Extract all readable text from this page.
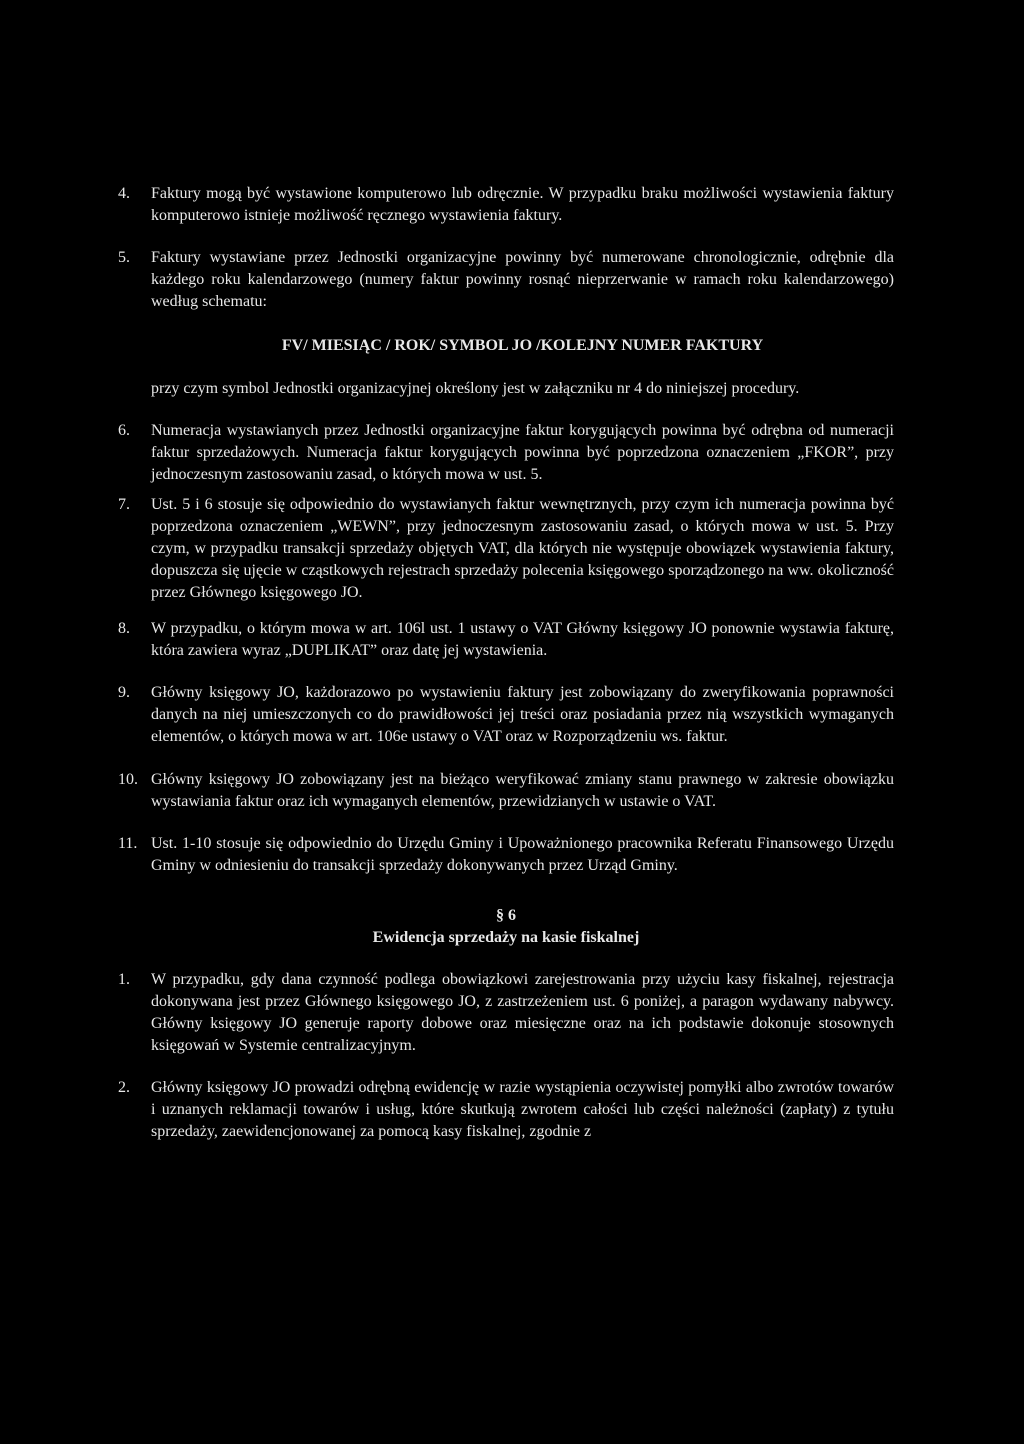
4.	Faktury mogą być wystawione komputerowo lub odręcznie. W przypadku braku możliwości wystawienia faktury komputerowo istnieje możliwość ręcznego wystawienia faktury.
5.	Faktury wystawiane przez Jednostki organizacyjne powinny być numerowane chronologicznie, odrębnie dla każdego roku kalendarzowego (numery faktur powinny rosnąć nieprzerwanie w ramach roku kalendarzowego) według schematu:
FV/ MIESIĄC / ROK/ SYMBOL JO /KOLEJNY NUMER FAKTURY
przy czym symbol Jednostki organizacyjnej określony jest w załączniku nr 4 do niniejszej procedury.
6.	Numeracja wystawianych przez Jednostki organizacyjne faktur korygujących powinna być odrębna od numeracji faktur sprzedażowych. Numeracja faktur korygujących powinna być poprzedzona oznaczeniem „FKOR”, przy jednoczesnym zastosowaniu zasad, o których mowa w ust. 5.
7.	Ust. 5 i 6 stosuje się odpowiednio do wystawianych faktur wewnętrznych, przy czym ich numeracja powinna być poprzedzona oznaczeniem „WEWN”, przy jednoczesnym zastosowaniu zasad, o których mowa w ust. 5. Przy czym, w przypadku transakcji sprzedaży objętych VAT, dla których nie występuje obowiązek wystawienia faktury, dopuszcza się ujęcie w cząstkowych rejestrach sprzedaży polecenia księgowego sporządzonego na ww. okoliczność przez Głównego księgowego JO.
8.	W przypadku, o którym mowa w art. 106l ust. 1 ustawy o VAT Główny księgowy JO ponownie wystawia fakturę, która zawiera wyraz „DUPLIKAT” oraz datę jej wystawienia.
9.	Główny księgowy JO, każdorazowo po wystawieniu faktury jest zobowiązany do zweryfikowania poprawności danych na niej umieszczonych co do prawidłowości jej treści oraz posiadania przez nią wszystkich wymaganych elementów, o których mowa w art. 106e ustawy o VAT oraz w Rozporządzeniu ws. faktur.
10. Główny księgowy JO zobowiązany jest na bieżąco weryfikować zmiany stanu prawnego w zakresie obowiązku wystawiania faktur oraz ich wymaganych elementów, przewidzianych w ustawie o VAT.
11. Ust. 1-10 stosuje się odpowiednio do Urzędu Gminy i Upoważnionego pracownika Referatu Finansowego Urzędu Gminy w odniesieniu do transakcji sprzedaży dokonywanych przez Urząd Gminy.
§ 6
Ewidencja sprzedaży na kasie fiskalnej
1.	W przypadku, gdy dana czynność podlega obowiązkowi zarejestrowania przy użyciu kasy fiskalnej, rejestracja dokonywana jest przez Głównego księgowego JO, z zastrzeżeniem ust. 6 poniżej, a paragon wydawany nabywcy. Główny księgowy JO generuje raporty dobowe oraz miesięczne oraz na ich podstawie dokonuje stosownych księgowań w Systemie centralizacyjnym.
2.	Główny księgowy JO prowadzi odrębną ewidencję w razie wystąpienia oczywistej pomyłki albo zwrotów towarów i uznanych reklamacji towarów i usług, które skutkują zwrotem całości lub części należności (zapłaty) z tytułu sprzedaży, zaewidencjonowanej za pomocą kasy fiskalnej, zgodnie z
